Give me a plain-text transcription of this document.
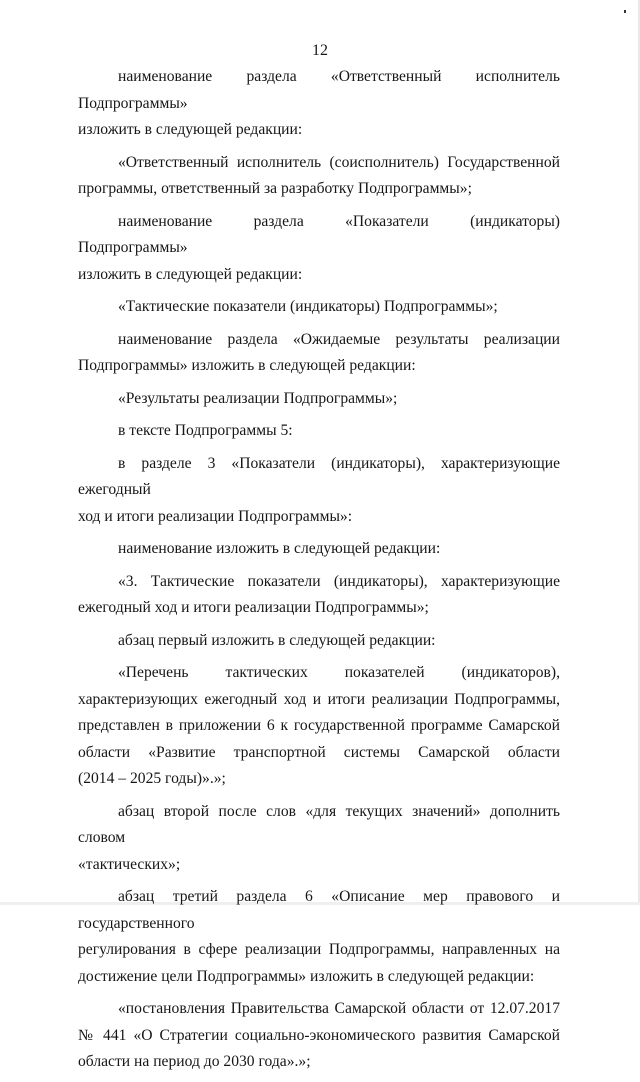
12

наименование раздела «Ответственный исполнитель Подпрограммы»
изложить в следующей редакции:

«Ответственный исполнитель (соисполнитель) Государственной
программы, ответственный за разработку Подпрограммы»;

наименование раздела «Показатели (индикаторы) Подпрограммы»
изложить в следующей редакции:

«Тактические показатели (индикаторы) Подпрограммы»;

наименование раздела «Ожидаемые результаты реализации
Подпрограммы» изложить в следующей редакции:

«Результаты реализации Подпрограммы»;

в тексте Подпрограммы 5:

в разделе 3 «Показатели (индикаторы), характеризующие ежегодный
ход и итоги реализации Подпрограммы»:

наименование изложить в следующей редакции:

«3. Тактические показатели (индикаторы), характеризующие
ежегодный ход и итоги реализации Подпрограммы»;

абзац первый изложить в следующей редакции:

«Перечень тактических показателей (индикаторов),
характеризующих ежегодный ход и итоги реализации Подпрограммы,
представлен в приложении 6 к государственной программе Самарской
области «Развитие транспортной системы Самарской области
(2014 – 2025 годы)».»;

абзац второй после слов «для текущих значений» дополнить словом
«тактических»;

абзац третий раздела 6 «Описание мер правового и государственного
регулирования в сфере реализации Подпрограммы, направленных на
достижение цели Подпрограммы» изложить в следующей редакции:

«постановления Правительства Самарской области от 12.07.2017
№ 441 «О Стратегии социально-экономического развития Самарской
области на период до 2030 года».»;
